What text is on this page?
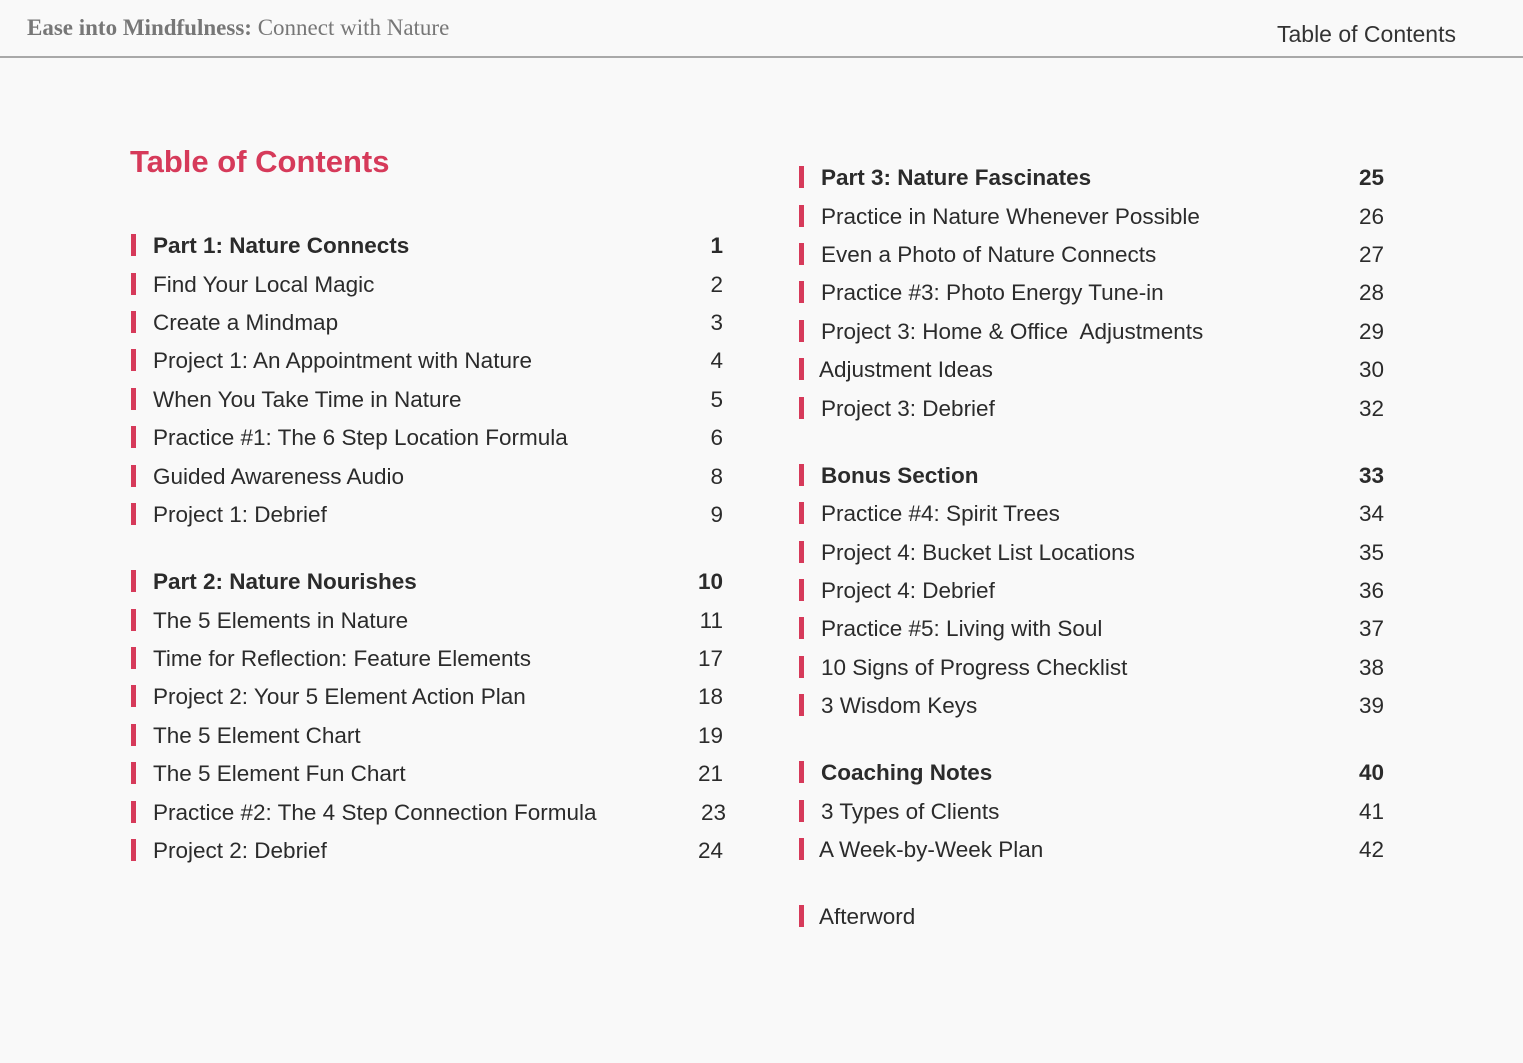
Ease into Mindfulness: Connect with Nature	Table of Contents
Table of Contents
Part 1: Nature Connects	1
Find Your Local Magic	2
Create a Mindmap	3
Project 1: An Appointment with Nature	4
When You Take Time in Nature	5
Practice #1: The 6 Step Location Formula	6
Guided Awareness Audio	8
Project 1: Debrief	9
Part 2: Nature Nourishes	10
The 5 Elements in Nature	11
Time for Reflection: Feature Elements	17
Project 2: Your 5 Element Action Plan	18
The 5 Element Chart	19
The 5 Element Fun Chart	21
Practice #2: The 4 Step Connection Formula	23
Project 2: Debrief	24
Part 3: Nature Fascinates	25
Practice in Nature Whenever Possible	26
Even a Photo of Nature Connects	27
Practice #3: Photo Energy Tune-in	28
Project 3: Home & Office  Adjustments	29
Adjustment Ideas	30
Project 3: Debrief	32
Bonus Section	33
Practice #4: Spirit Trees	34
Project 4: Bucket List Locations	35
Project 4: Debrief	36
Practice #5: Living with Soul	37
10 Signs of Progress Checklist	38
3 Wisdom Keys	39
Coaching Notes	40
3 Types of Clients	41
A Week-by-Week Plan	42
Afterword
